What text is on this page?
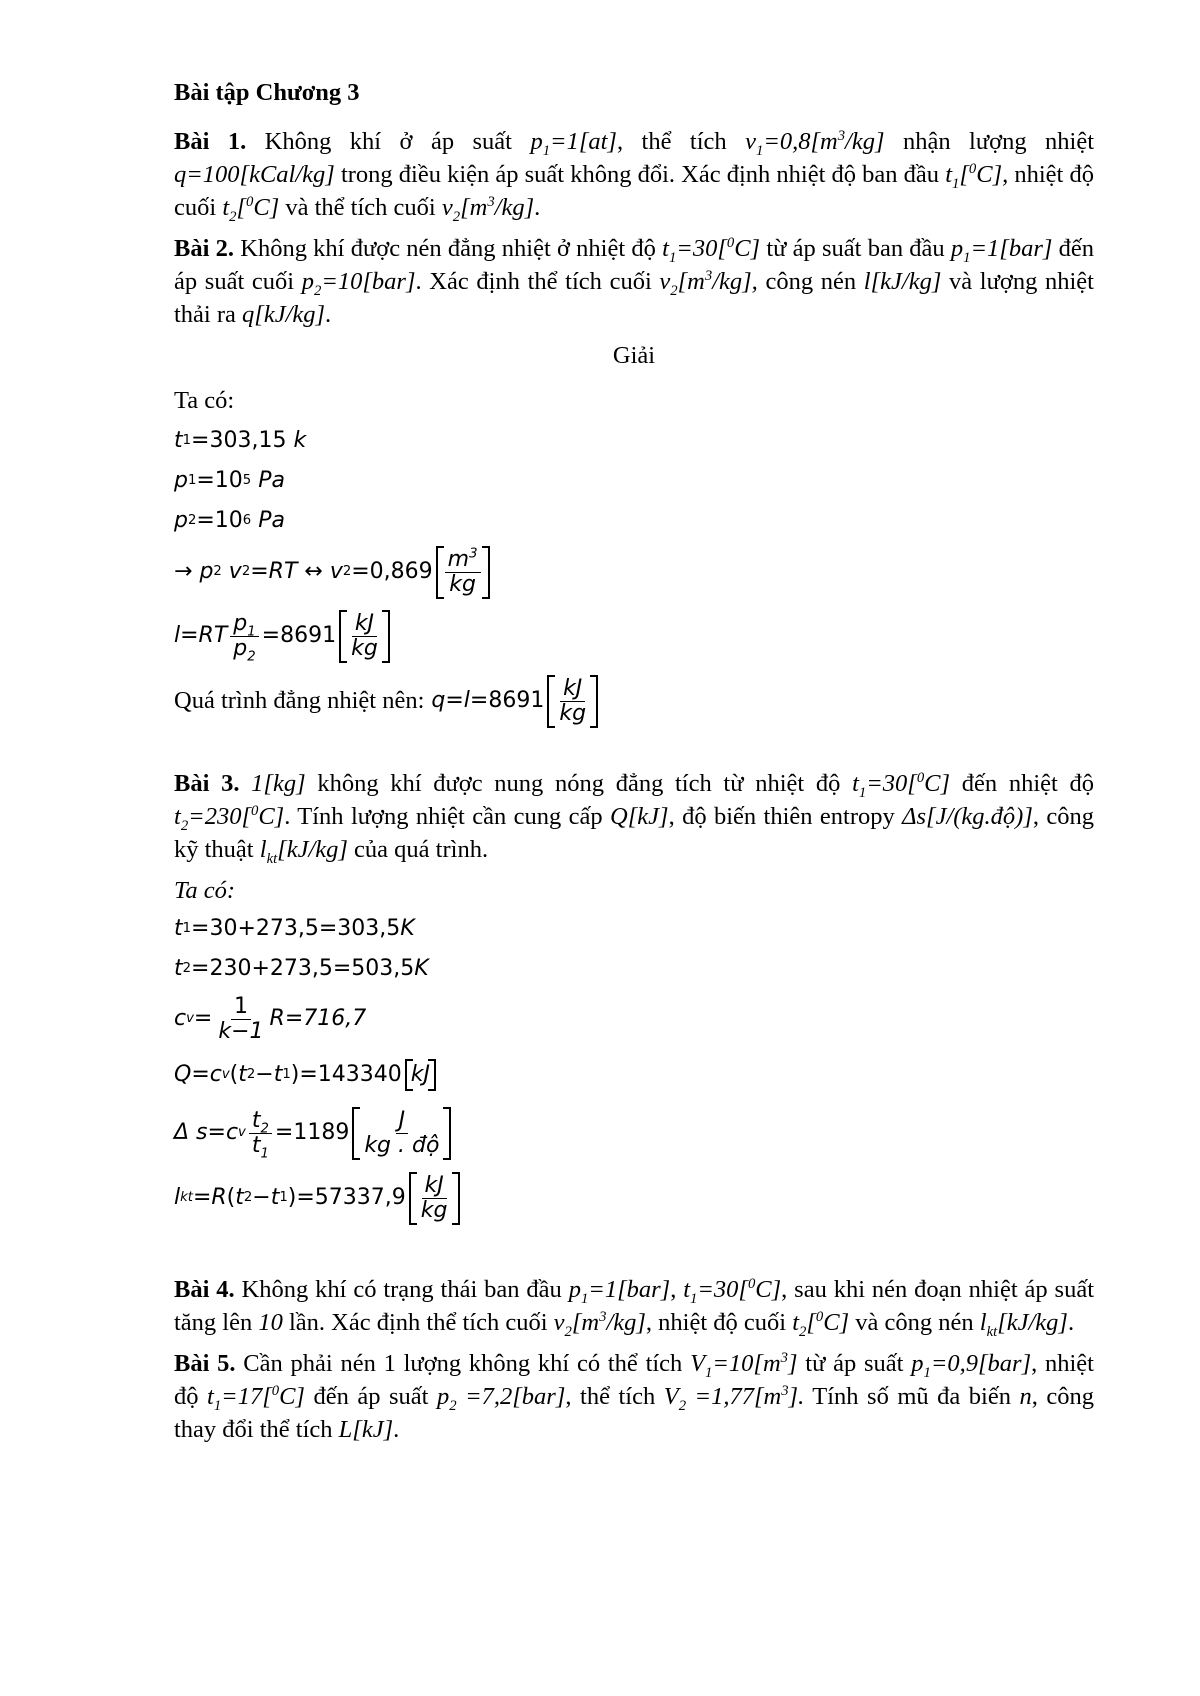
Bài tập Chương 3

Bài 1. Không khí ở áp suất $p_1=1[at]$, thể tích $v_1=0,8[m^3/kg]$ nhận lượng nhiệt q=100[kCal/kg] trong điều kiện áp suất không đổi. Xác định nhiệt độ ban đầu $t_1[^0C]$, nhiệt độ cuối $t_2[^0C]$ và thể tích cuối $v_2[m^3/kg]$.

Bài 2. Không khí được nén đẳng nhiệt ở nhiệt độ $t_1=30[^0C]$ từ áp suất ban đầu $p_1=1[bar]$ đến áp suất cuối $p_2=10[bar]$. Xác định thể tích cuối $v_2[m^3/kg]$, công nén l[kJ/kg] và lượng nhiệt thải ra q[kJ/kg].

Giải

Ta có:

t 1 =303,15
k
p 1 =10 5
Pa
p 2 =10 6
Pa
→
p 2
v 2 =RT
↔
v $2 =0,869 \frac{m^3}{kg}$
$l =RT \frac{p_1}{p_2} =8691 \frac{kJ}{kg}$
Quá trình đẳng nhiệt nên:
$q=l =8691 \frac{kJ}{kg}$

Bài 3. 1[kg] không khí được nung nóng đẳng tích từ nhiệt độ $t_1=30[^0C]$ đến nhiệt độ $t_2=230[^0C]$. Tính lượng nhiệt cần cung cấp Q[kJ], độ biến thiên entropy Δs[J/(kg.độ)], công kỹ thuật $l_{kt}[kJ/kg]$ của quá trình.

Ta có:

t 1 =30+273,5=303,5 K
t 2 =230+273,5=503,5 K
c $v = \frac{1}{k-1} R=716,7$
Q=c v ( t 2 − t 1 ) =143340 kJ
Δ s=c v $\frac{t_2}{t_1} =1189 \frac{J}{\text{kg . độ}}$
l kt =R ( t 2 − t 1 ) $=57337,9 \frac{kJ}{kg}$

Bài 4. Không khí có trạng thái ban đầu $p_1=1[bar]$, $t_1=30[^0C]$, sau khi nén đoạn nhiệt áp suất tăng lên 10 lần. Xác định thể tích cuối $v_2[m^3/kg]$, nhiệt độ cuối $t_2[^0C]$ và công nén $l_{kt}[kJ/kg]$.

Bài 5. Cần phải nén 1 lượng không khí có thể tích $V_1=10[m^3]$ từ áp suất $p_1=0,9[bar]$, nhiệt độ $t_1=17[^0C]$ đến áp suất $p_2 =7,2[bar]$, thể tích $V_2 =1,77[m^3]$. Tính số mũ đa biến n, công thay đổi thể tích L[kJ].
